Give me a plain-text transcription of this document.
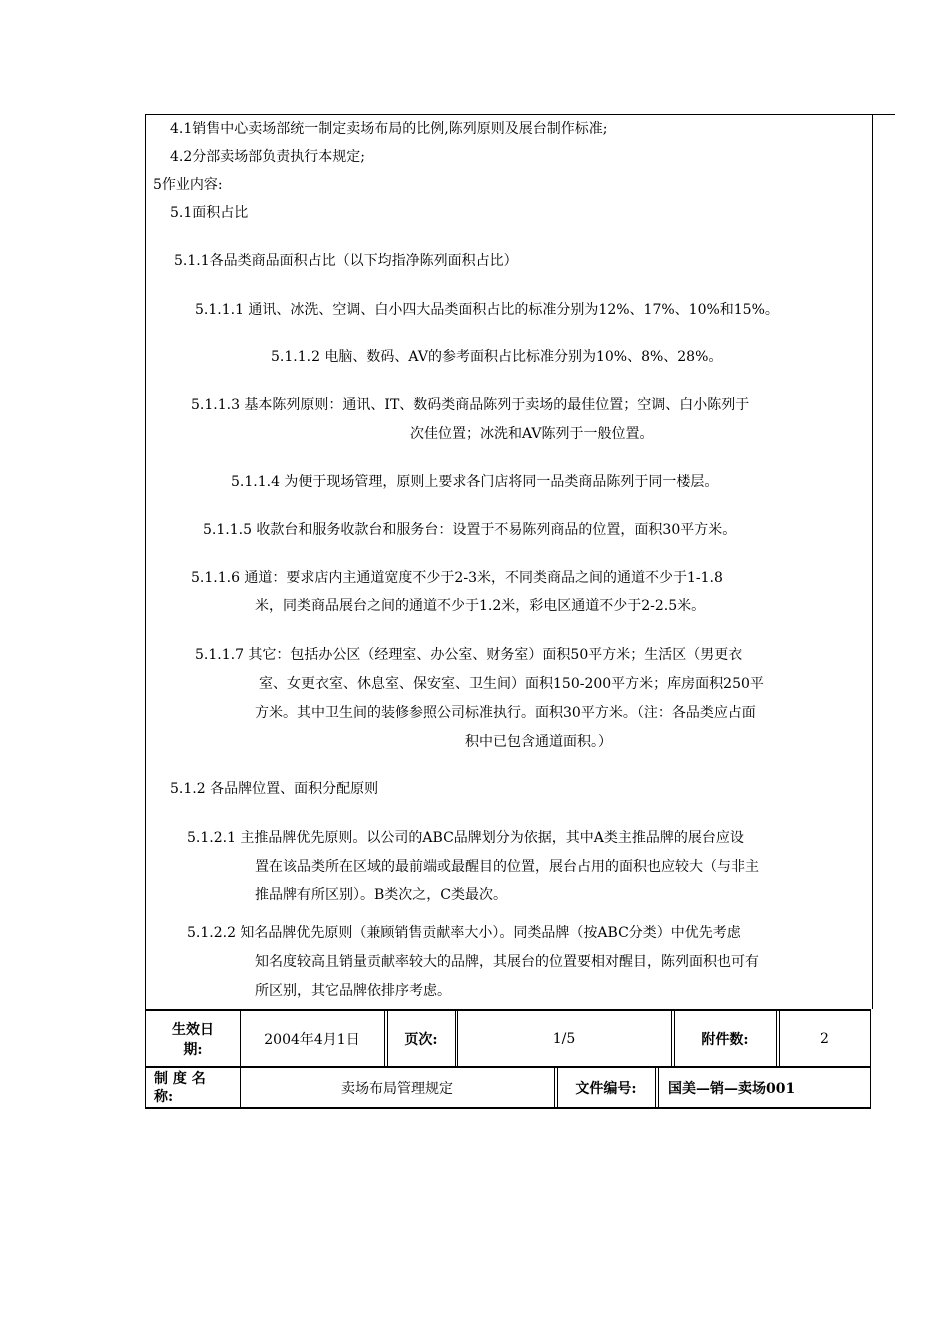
4.1销售中心卖场部统一制定卖场布局的比例,陈列原则及展台制作标准;
4.2分部卖场部负责执行本规定;
5作业内容:
5.1面积占比
5.1.1各品类商品面积占比（以下均指净陈列面积占比）
5.1.1.1 通讯、冰洗、空调、白小四大品类面积占比的标准分别为12%、17%、10%和15%。
5.1.1.2 电脑、数码、AV的参考面积占比标准分别为10%、8%、28%。
5.1.1.3 基本陈列原则：通讯、IT、数码类商品陈列于卖场的最佳位置；空调、白小陈列于
次佳位置；冰洗和AV陈列于一般位置。
5.1.1.4 为便于现场管理，原则上要求各门店将同一品类商品陈列于同一楼层。
5.1.1.5 收款台和服务收款台和服务台：设置于不易陈列商品的位置，面积30平方米。
5.1.1.6 通道：要求店内主通道宽度不少于2-3米，不同类商品之间的通道不少于1-1.8
米，同类商品展台之间的通道不少于1.2米，彩电区通道不少于2-2.5米。
5.1.1.7 其它：包括办公区（经理室、办公室、财务室）面积50平方米；生活区（男更衣
室、女更衣室、休息室、保安室、卫生间）面积150-200平方米；库房面积250平
方米。其中卫生间的装修参照公司标准执行。面积30平方米。（注：各品类应占面
积中已包含通道面积。）
5.1.2 各品牌位置、面积分配原则
5.1.2.1 主推品牌优先原则。以公司的ABC品牌划分为依据，其中A类主推品牌的展台应设
置在该品类所在区域的最前端或最醒目的位置，展台占用的面积也应较大（与非主
推品牌有所区别）。B类次之，C类最次。
5.1.2.2 知名品牌优先原则（兼顾销售贡献率大小）。同类品牌（按ABC分类）中优先考虑
知名度较高且销量贡献率较大的品牌，其展台的位置要相对醒目，陈列面积也可有
所区别，其它品牌依排序考虑。
生效日
期:
2004年4月1日	页次:	1/5	附件数:	2
制 度 名
称:	卖场布局管理规定	文件编号:	国美—销—卖场001
